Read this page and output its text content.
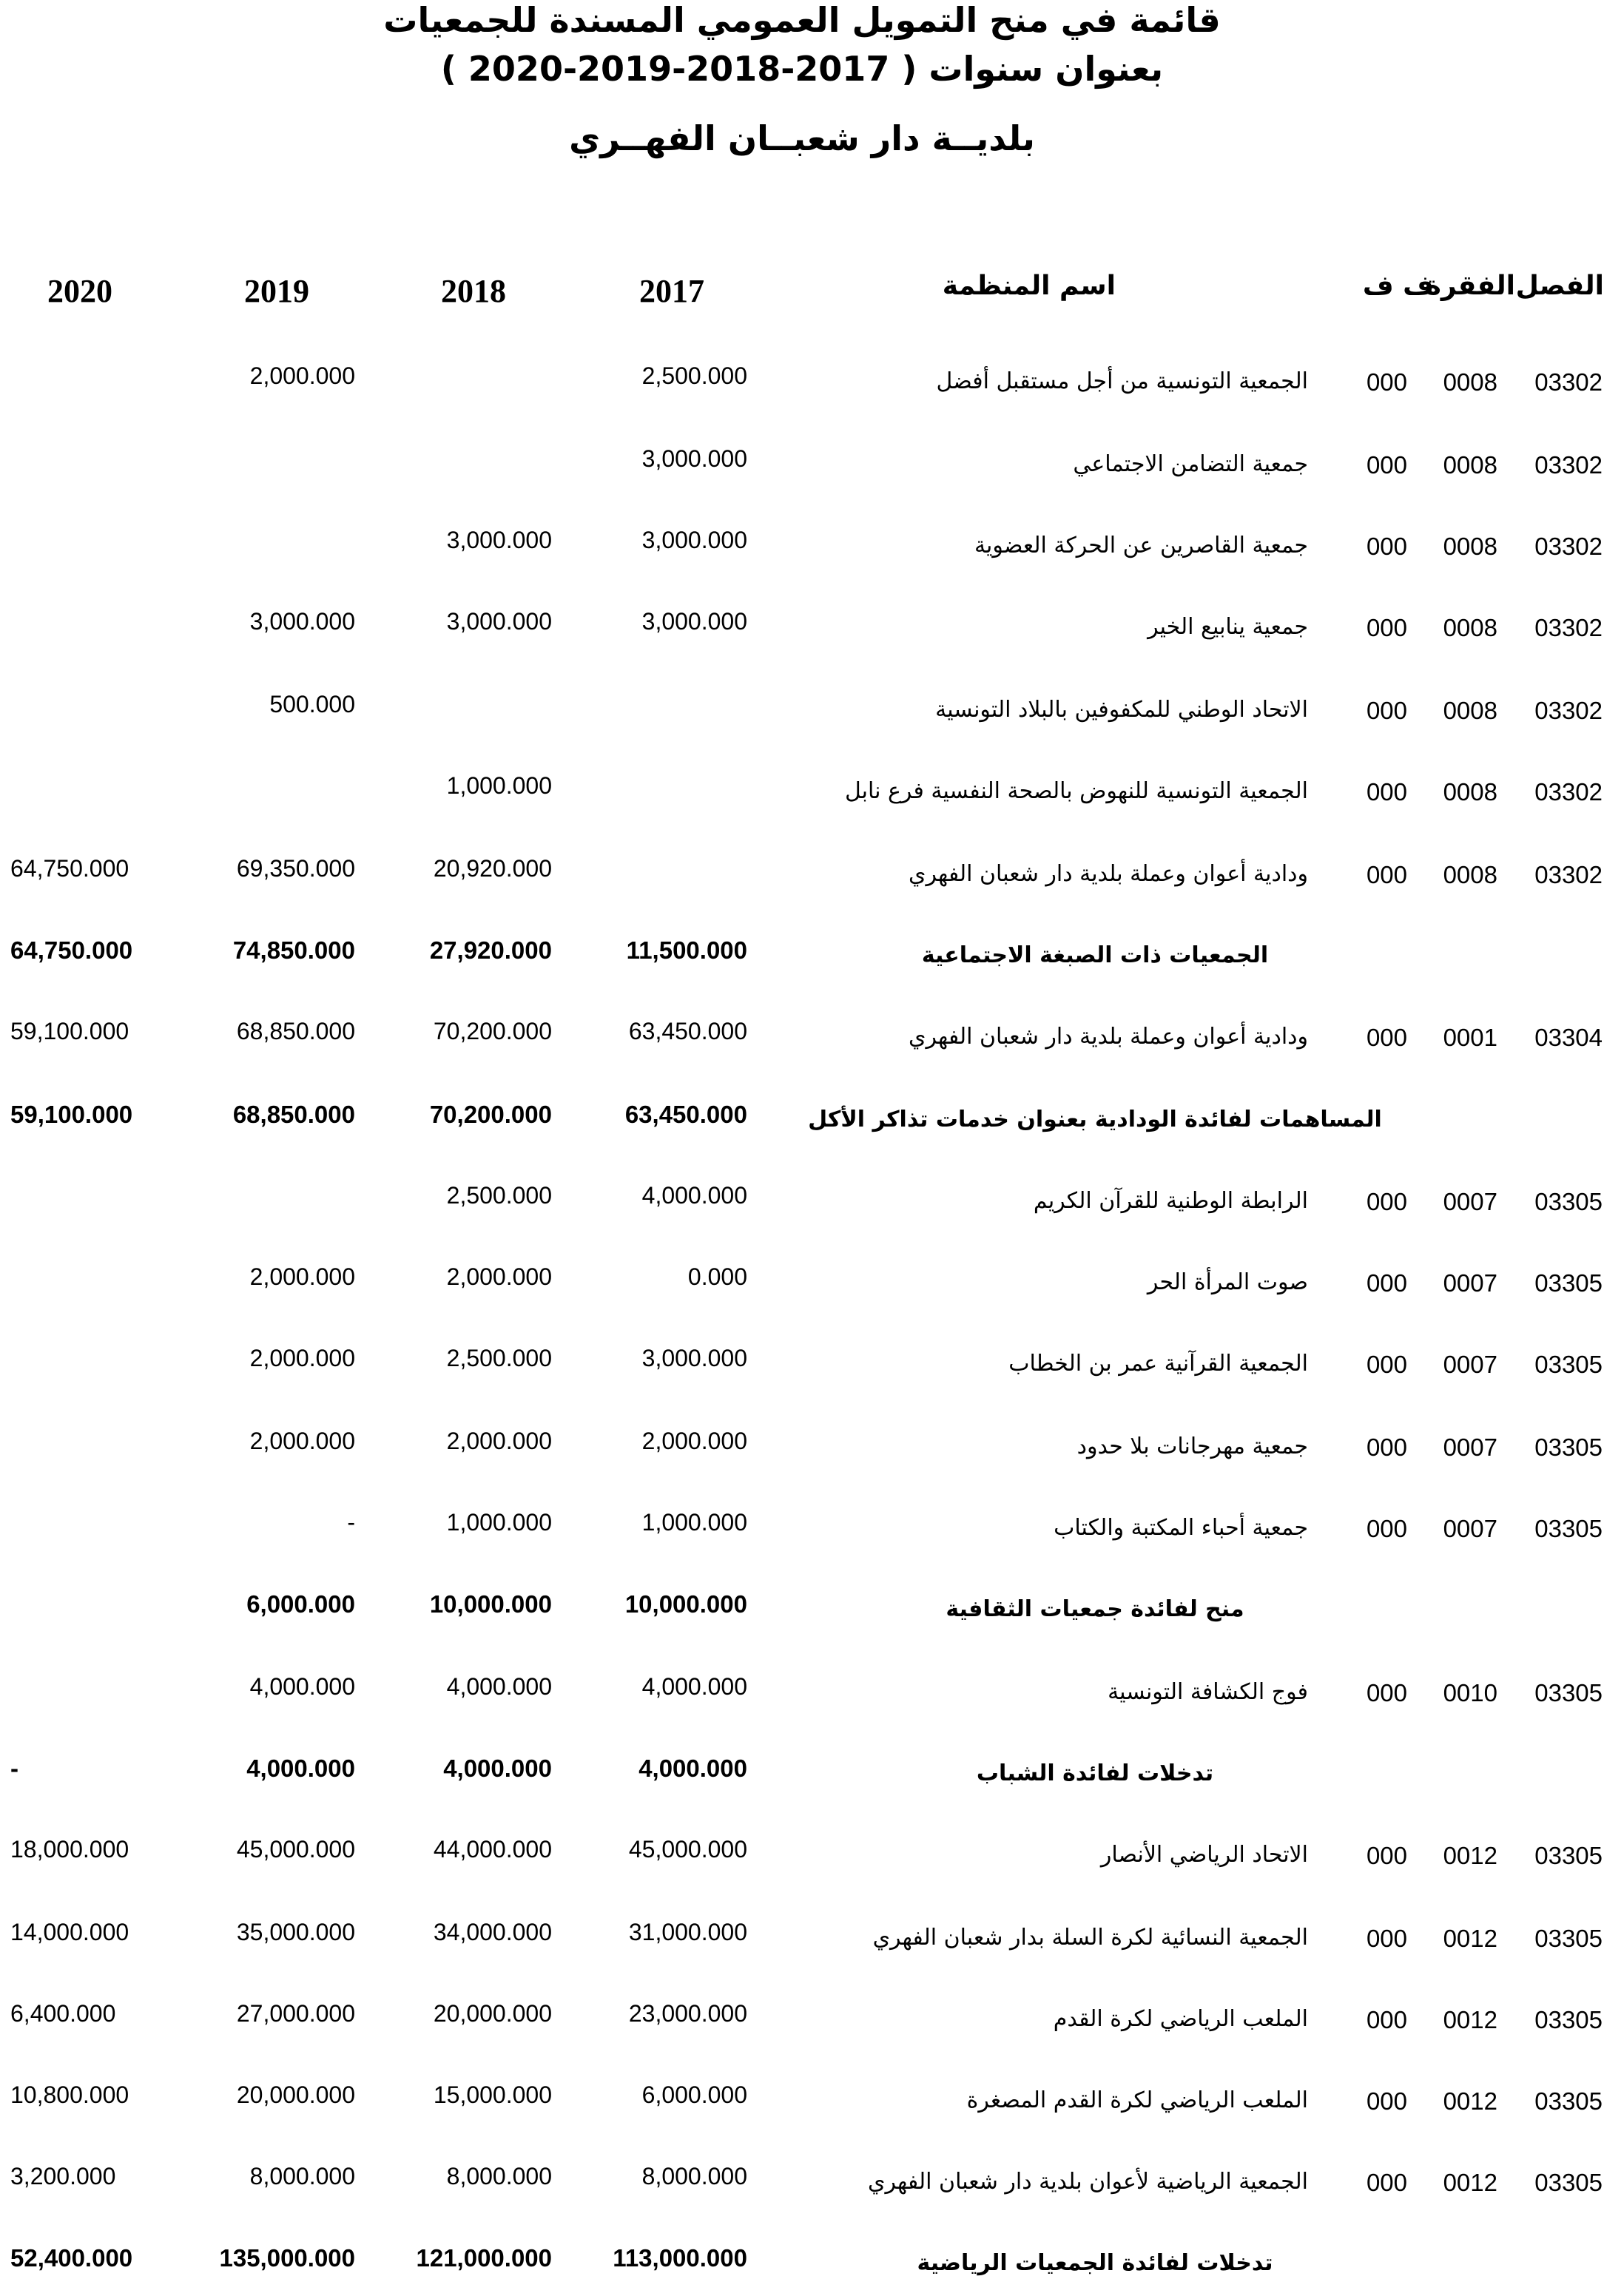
قائمة في منح التمويل العمومي المسندة للجمعيات
بعنوان سنوات ( 2017-2018-2019-2020 )
بلديــة دار شعبــان الفهــري
الفصل
الفقرة
ف ف
اسم المنظمة
2017
2018
2019
2020
03302
0008
000
الجمعية التونسية من أجل مستقبل أفضل
2,500.000
2,000.000
03302
0008
000
جمعية التضامن الاجتماعي
3,000.000
03302
0008
000
جمعية القاصرين عن الحركة العضوية
3,000.000
3,000.000
03302
0008
000
جمعية ينابيع الخير
3,000.000
3,000.000
3,000.000
03302
0008
000
الاتحاد الوطني للمكفوفين بالبلاد التونسية
500.000
03302
0008
000
الجمعية التونسية للنهوض بالصحة النفسية فرع نابل
1,000.000
03302
0008
000
ودادية أعوان وعملة بلدية دار شعبان الفهري
20,920.000
69,350.000
64,750.000
الجمعيات ذات الصبغة الاجتماعية
11,500.000
27,920.000
74,850.000
64,750.000
03304
0001
000
ودادية أعوان وعملة بلدية دار شعبان الفهري
63,450.000
70,200.000
68,850.000
59,100.000
المساهمات لفائدة الودادية بعنوان خدمات تذاكر الأكل
63,450.000
70,200.000
68,850.000
59,100.000
03305
0007
000
الرابطة الوطنية للقرآن الكريم
4,000.000
2,500.000
03305
0007
000
صوت المرأة الحر
0.000
2,000.000
2,000.000
03305
0007
000
الجمعية القرآنية عمر بن الخطاب
3,000.000
2,500.000
2,000.000
03305
0007
000
جمعية مهرجانات بلا حدود
2,000.000
2,000.000
2,000.000
03305
0007
000
جمعية أحباء المكتبة والكتاب
1,000.000
1,000.000
-
منح لفائدة جمعيات الثقافية
10,000.000
10,000.000
6,000.000
03305
0010
000
فوج الكشافة التونسية
4,000.000
4,000.000
4,000.000
تدخلات لفائدة الشباب
4,000.000
4,000.000
4,000.000
-
03305
0012
000
الاتحاد الرياضي الأنصار
45,000.000
44,000.000
45,000.000
18,000.000
03305
0012
000
الجمعية النسائية لكرة السلة بدار شعبان الفهري
31,000.000
34,000.000
35,000.000
14,000.000
03305
0012
000
الملعب الرياضي لكرة القدم
23,000.000
20,000.000
27,000.000
6,400.000
03305
0012
000
الملعب الرياضي لكرة القدم المصغرة
6,000.000
15,000.000
20,000.000
10,800.000
03305
0012
000
الجمعية الرياضية لأعوان بلدية دار شعبان الفهري
8,000.000
8,000.000
8,000.000
3,200.000
تدخلات لفائدة الجمعيات الرياضية
113,000.000
121,000.000
135,000.000
52,400.000
